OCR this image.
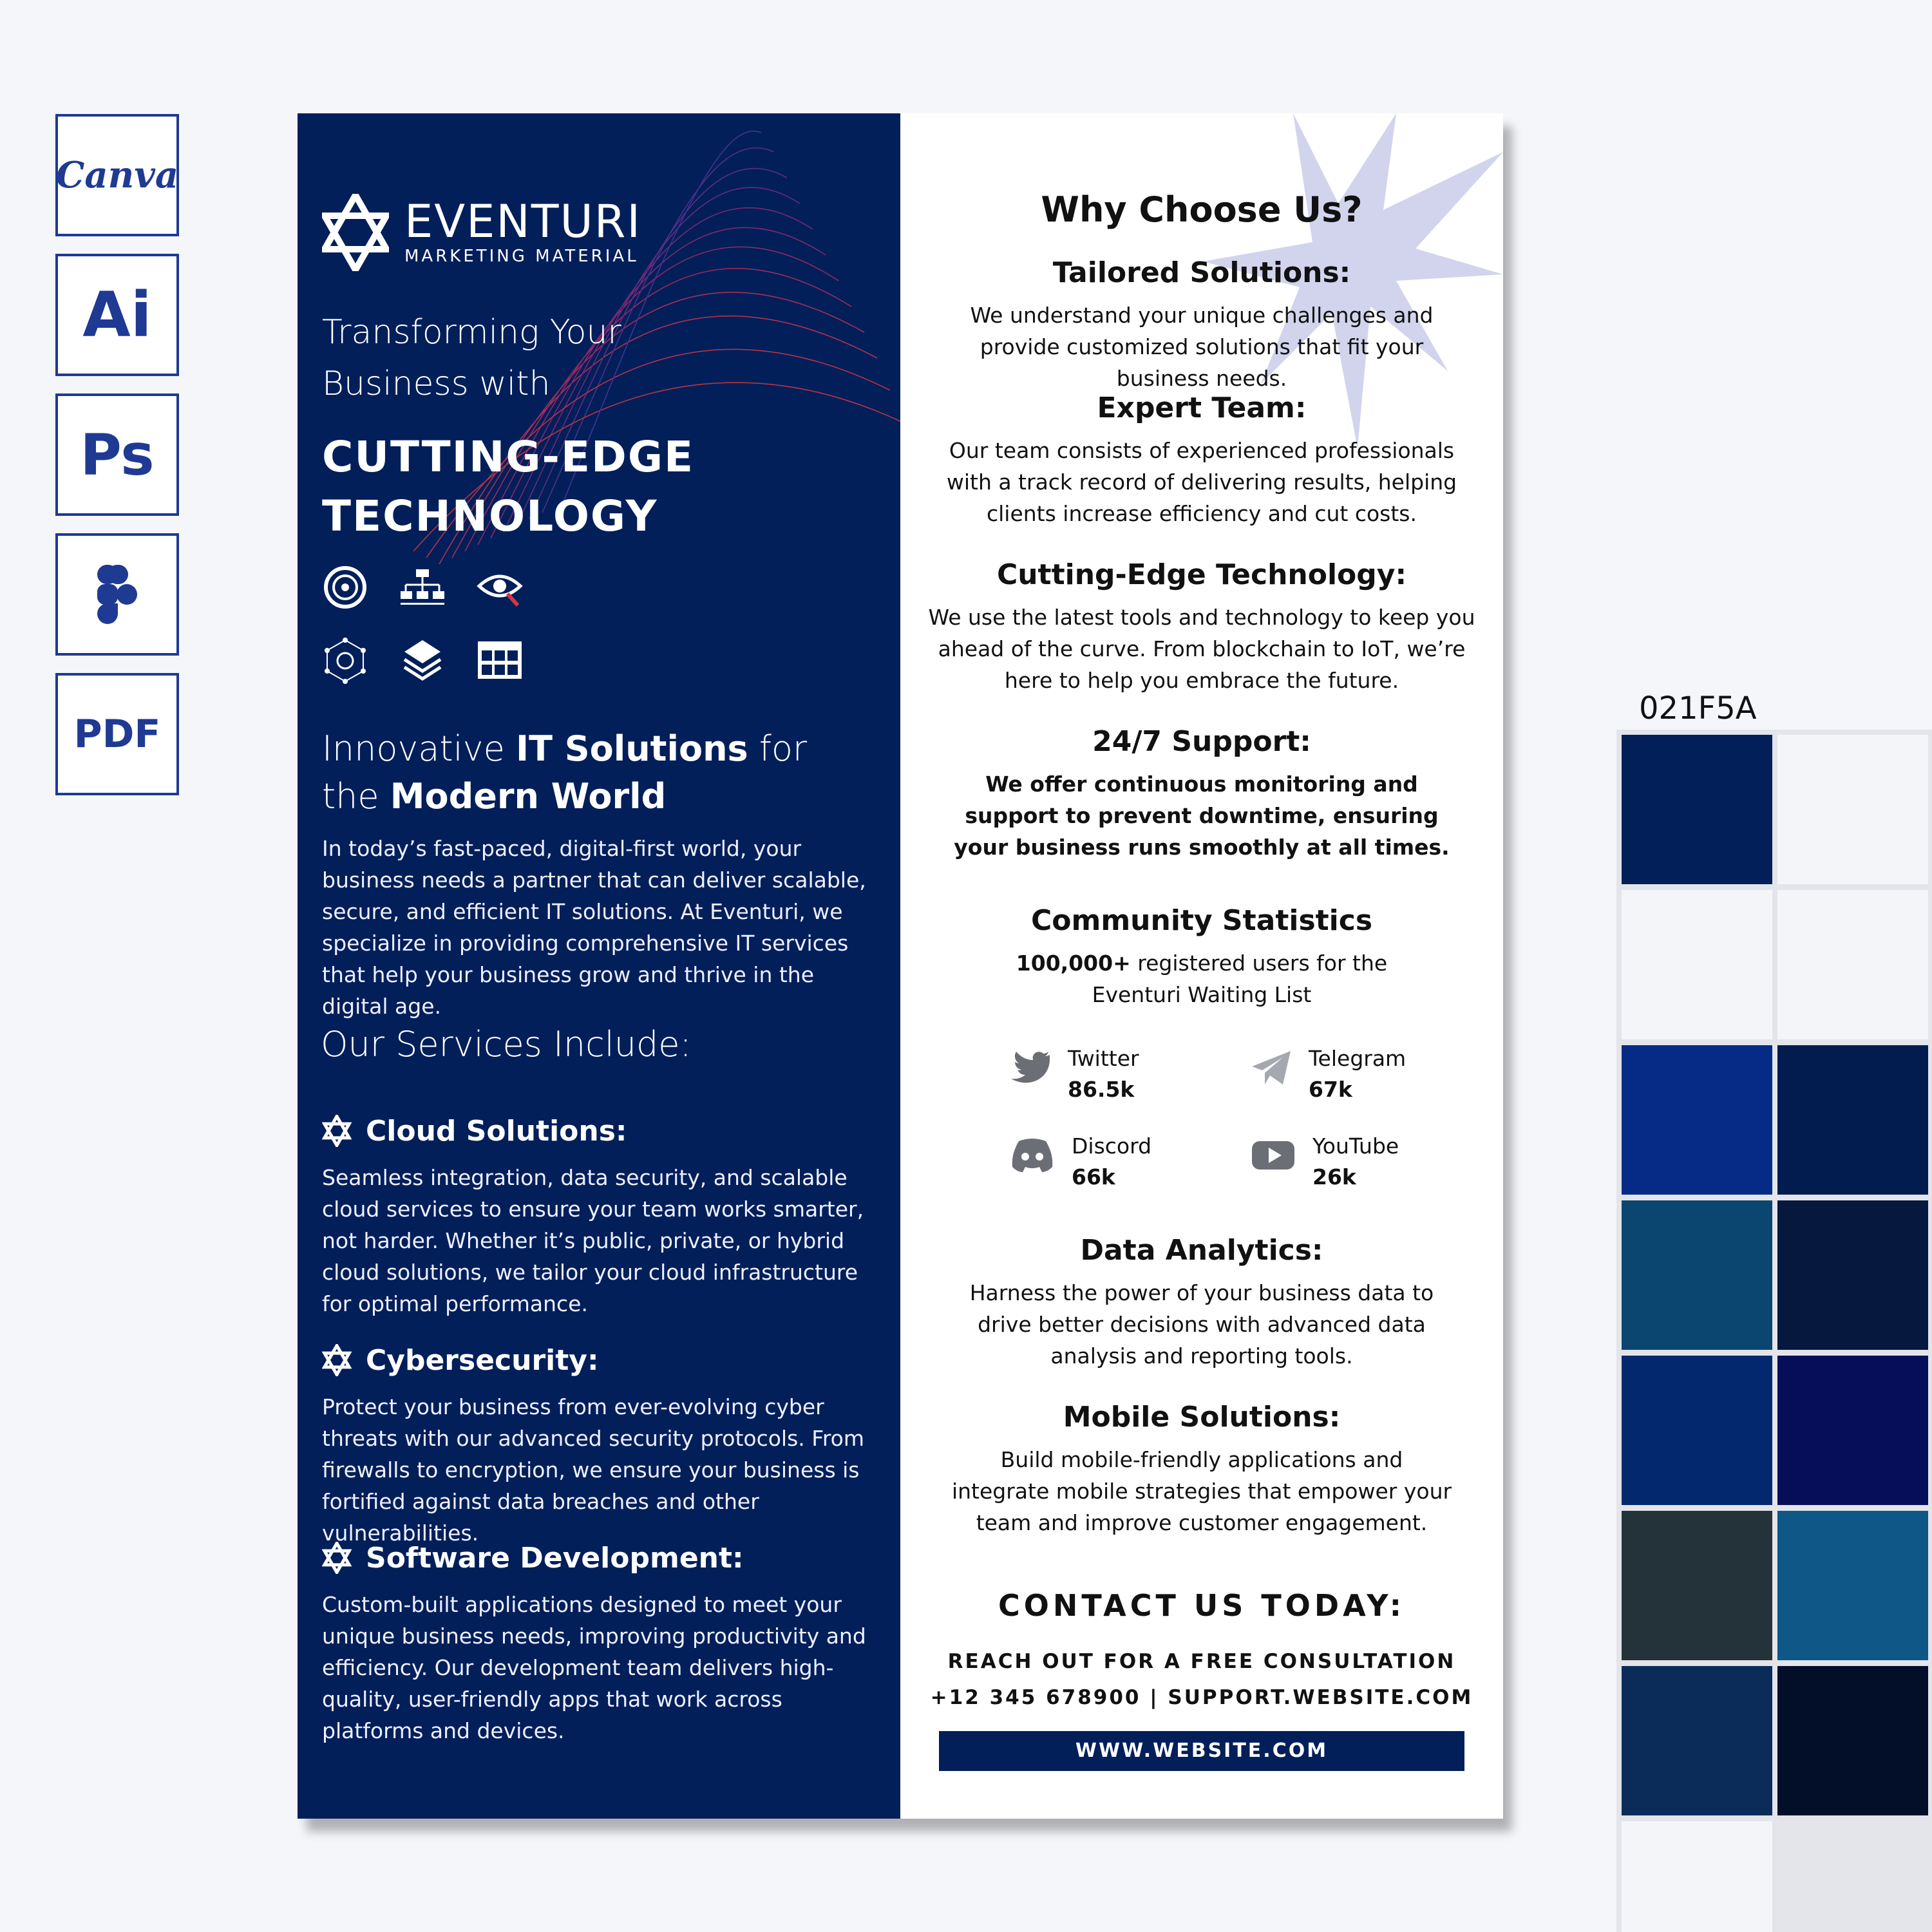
Canva
Ai
Ps
PDF
EVENTURI
MARKETING MATERIAL
Transforming Your
Business with
CUTTING-EDGE
TECHNOLOGY
Innovative IT Solutions for
the Modern World
In today’s fast-paced, digital-first world, your business needs a partner that can deliver scalable, secure, and efficient IT solutions. At Eventuri, we specialize in providing comprehensive IT services that help your business grow and thrive in the digital age.
Our Services Include:
Cloud Solutions:
Seamless integration, data security, and scalable cloud services to ensure your team works smarter, not harder. Whether it’s public, private, or hybrid cloud solutions, we tailor your cloud infrastructure for optimal performance.
Cybersecurity:
Protect your business from ever-evolving cyber threats with our advanced security protocols. From firewalls to encryption, we ensure your business is fortified against data breaches and other vulnerabilities.
Software Development:
Custom-built applications designed to meet your unique business needs, improving productivity and efficiency. Our development team delivers high-quality, user-friendly apps that work across platforms and devices.
Why Choose Us?
Tailored Solutions:

We understand your unique challenges and provide customized solutions that fit your business needs.

Expert Team:

Our team consists of experienced professionals with a track record of delivering results, helping clients increase efficiency and cut costs.

Cutting-Edge Technology:

We use the latest tools and technology to keep you ahead of the curve. From blockchain to IoT, we’re here to help you embrace the future.

24/7 Support:

We offer continuous monitoring and support to prevent downtime, ensuring your business runs smoothly at all times.

Community Statistics

100,000+ registered users for the
Eventuri Waiting List

Twitter
86.5k
Telegram
67k
Discord
66k
YouTube
26k
Data Analytics:

Harness the power of your business data to drive better decisions with advanced data analysis and reporting tools.

Mobile Solutions:

Build mobile-friendly applications and integrate mobile strategies that empower your team and improve customer engagement.

CONTACT US TODAY:
REACH OUT FOR A FREE CONSULTATION
+12 345 678900 | SUPPORT.WEBSITE.COM
WWW.WEBSITE.COM
021F5A
